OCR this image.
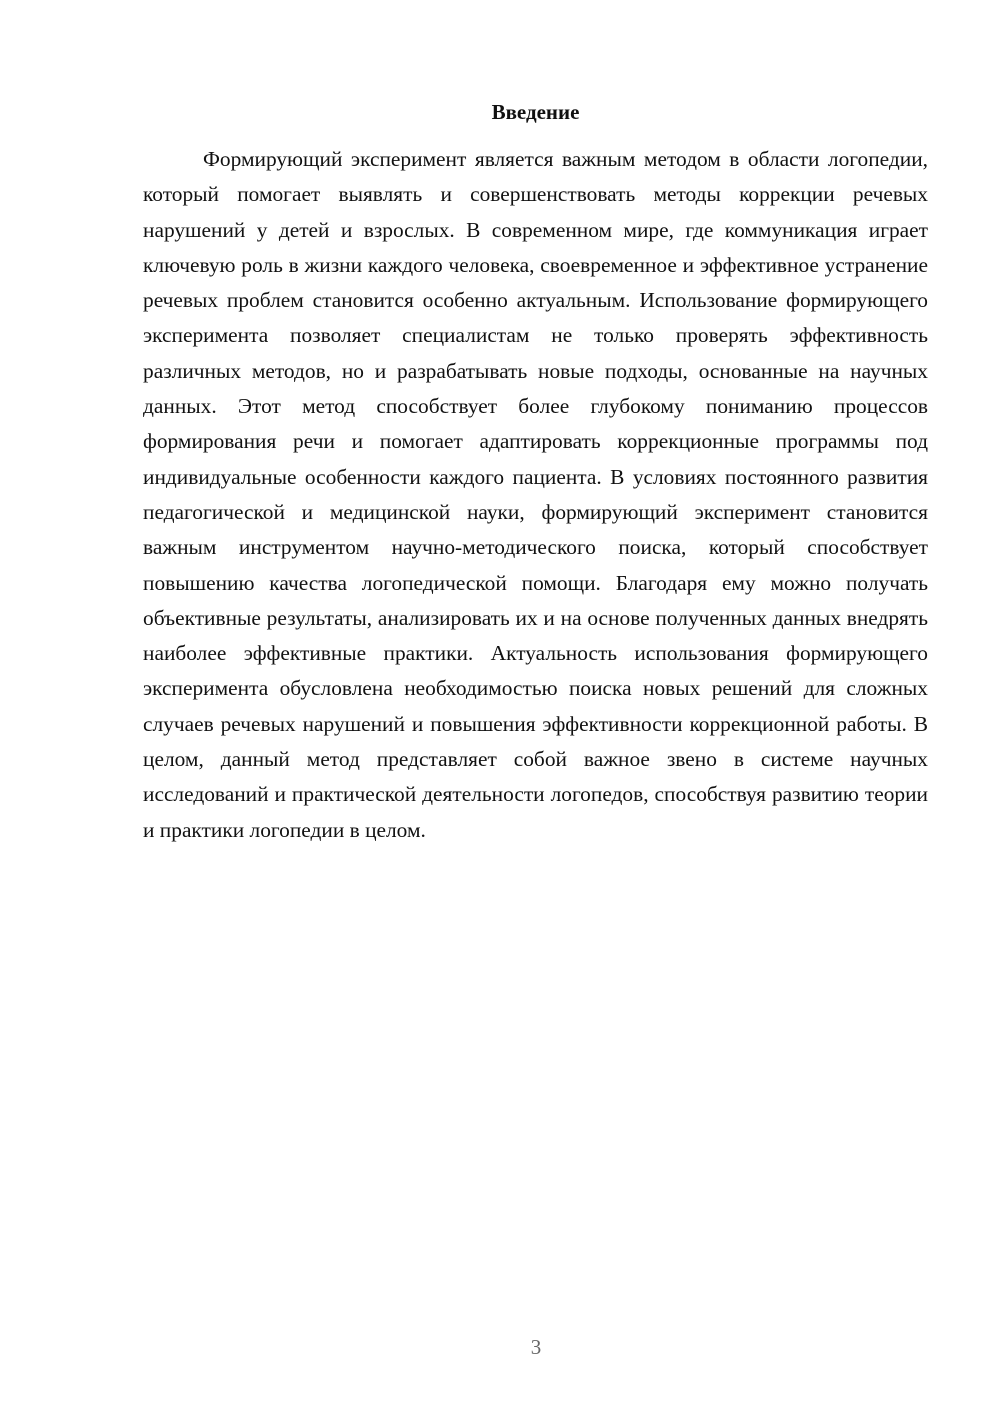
Введение

Формирующий эксперимент является важным методом в области логопедии, который помогает выявлять и совершенствовать методы коррекции речевых нарушений у детей и взрослых. В современном мире, где коммуникация играет ключевую роль в жизни каждого человека, своевременное и эффективное устранение речевых проблем становится особенно актуальным. Использование формирующего эксперимента позволяет специалистам не только проверять эффективность различных методов, но и разрабатывать новые подходы, основанные на научных данных. Этот метод способствует более глубокому пониманию процессов формирования речи и помогает адаптировать коррекционные программы под индивидуальные особенности каждого пациента. В условиях постоянного развития педагогической и медицинской науки, формирующий эксперимент становится важным инструментом научно-методического поиска, который способствует повышению качества логопедической помощи. Благодаря ему можно получать объективные результаты, анализировать их и на основе полученных данных внедрять наиболее эффективные практики. Актуальность использования формирующего эксперимента обусловлена необходимостью поиска новых решений для сложных случаев речевых нарушений и повышения эффективности коррекционной работы. В целом, данный метод представляет собой важное звено в системе научных исследований и практической деятельности логопедов, способствуя развитию теории и практики логопедии в целом.

3
